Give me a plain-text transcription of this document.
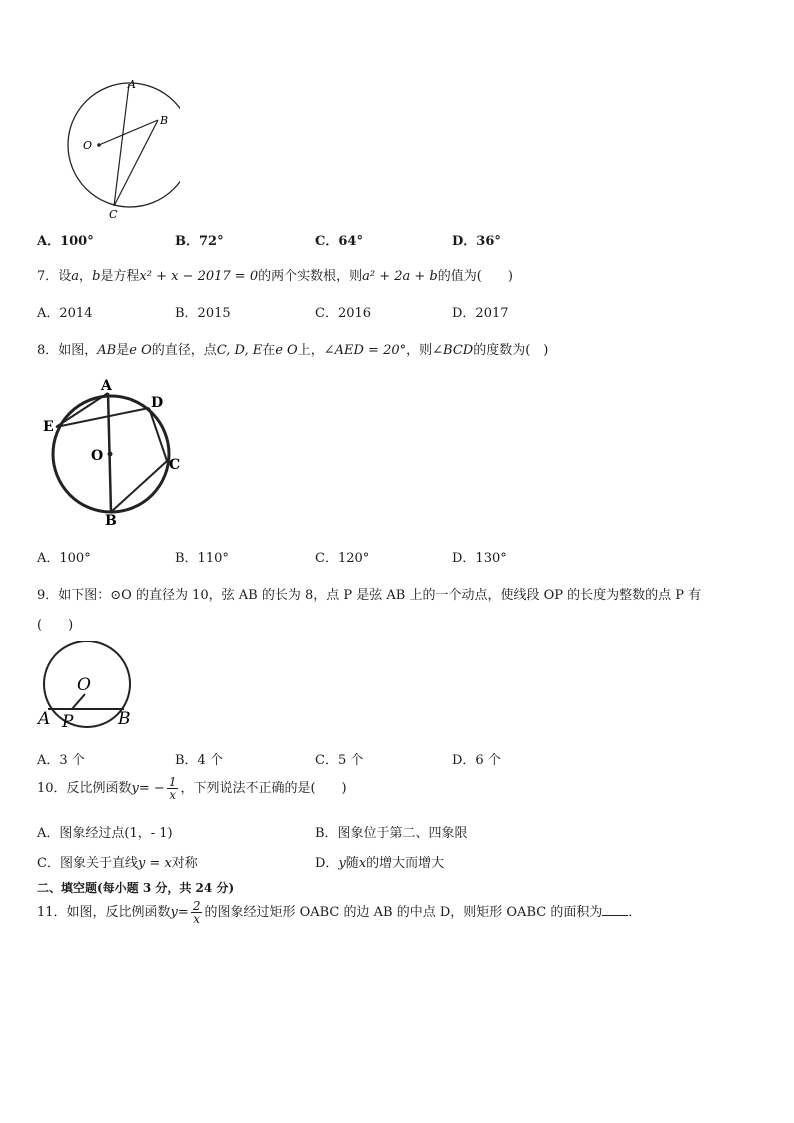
A
B
O
C
A．100°	B．72°	C．64°	D．36°
7．设a，b是方程x² + x − 2017 = 0的两个实数根，则a² + 2a + b的值为(　　)
A．2014	B．2015	C．2016	D．2017
8．如图，AB是e O的直径，点C, D, E在e O上，∠AED = 20°，则∠BCD的度数为(　)
A
D
E
O
C
B
A．100°	B．110°	C．120°	D．130°
9．如下图：⊙O 的直径为 10，弦 AB 的长为 8，点 P 是弦 AB 上的一个动点，使线段 OP 的长度为整数的点 P 有
(　　)
O
A P	B
A．3 个	B．4 个	C．5 个	D．6 个
10．反比例函数$y= - \frac{1}{x}$ ，下列说法不正确的是(　　)
A．图象经过点(1，- 1)	B．图象位于第二、四象限
C．图象关于直线y = x对称	D．y随x的增大而增大
二、填空题(每小题 3 分，共 24 分)
11．如图，反比例函数$y= \frac{2}{x}$ 的图象经过矩形 OABC 的边 AB 的中点 D，则矩形 OABC 的面积为 ．
